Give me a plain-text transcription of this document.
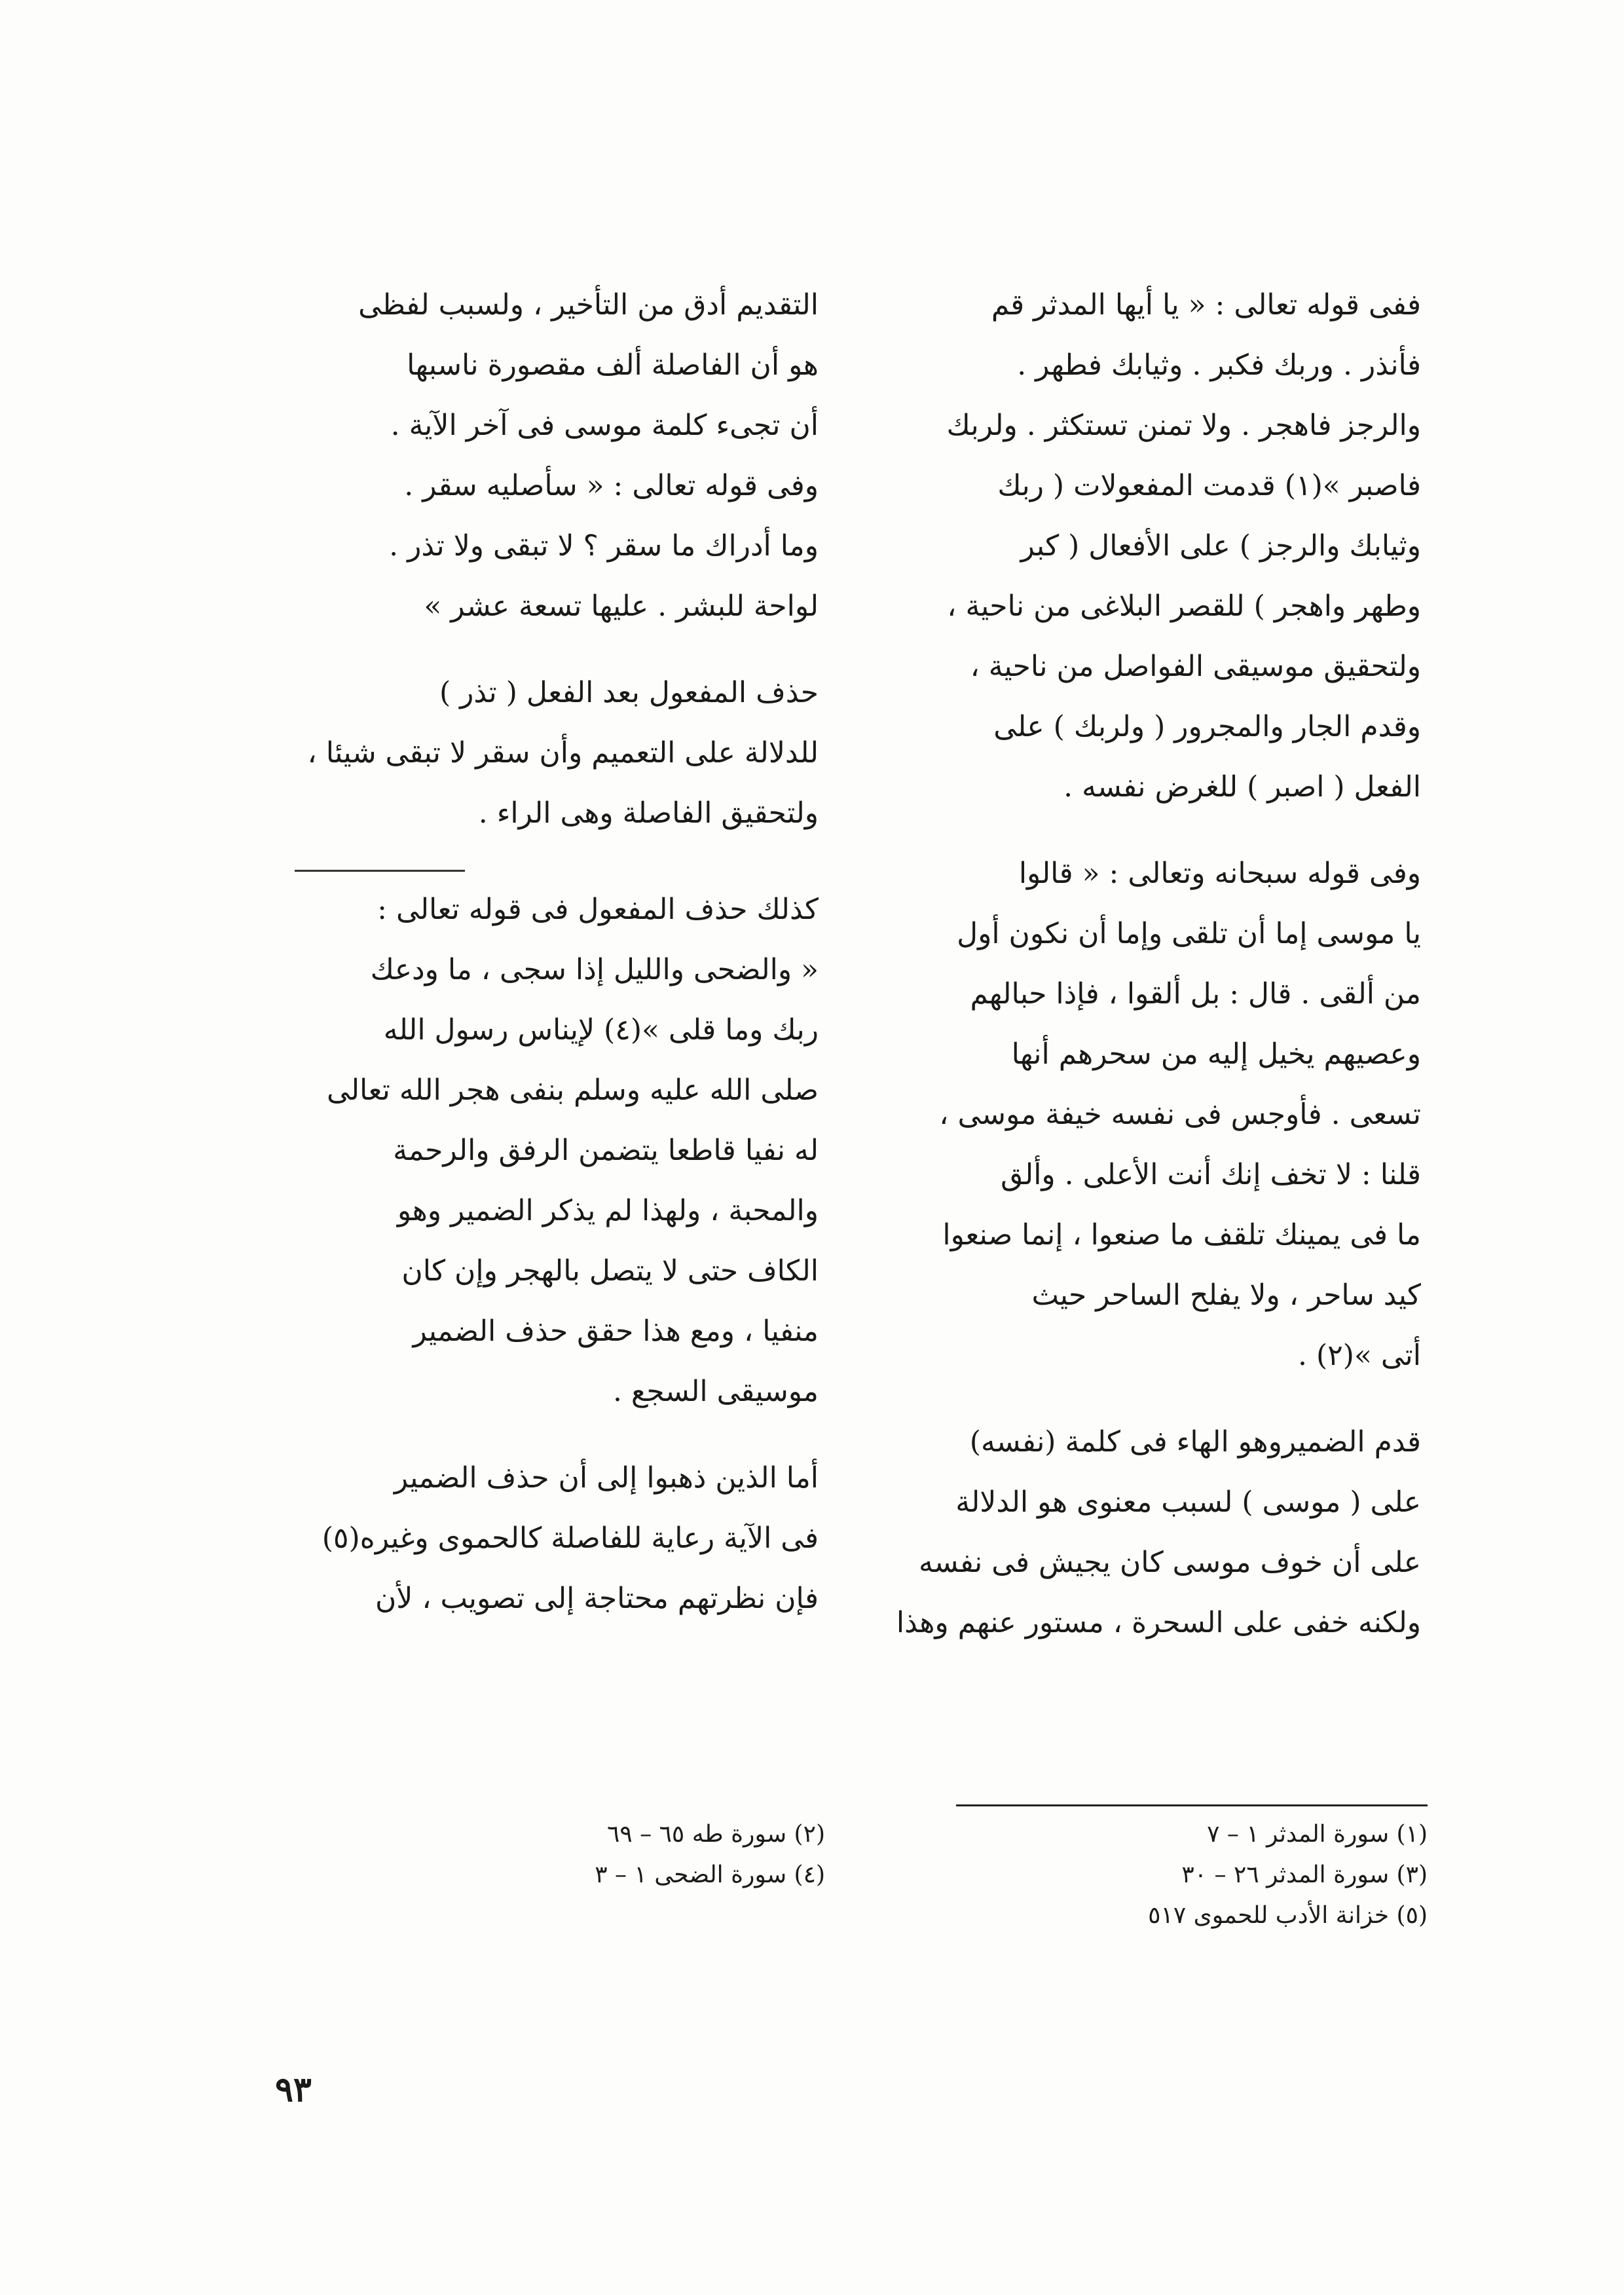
ففى قوله تعالى : « يا أيها المدثر قم

فأنذر . وربك فكبر . وثيابك فطهر .

والرجز فاهجر . ولا تمنن تستكثر . ولربك

فاصبر »(١) قدمت المفعولات ( ربك

وثيابك والرجز ) على الأفعال ( كبر

وطهر واهجر ) للقصر البلاغى من ناحية ،

ولتحقيق موسيقى الفواصل من ناحية ،

وقدم الجار والمجرور ( ولربك ) على

الفعل ( اصبر ) للغرض نفسه .

وفى قوله سبحانه وتعالى : « قالوا

يا موسى إما أن تلقى وإما أن نكون أول

من ألقى . قال : بل ألقوا ، فإذا حبالهم

وعصيهم يخيل إليه من سحرهم أنها

تسعى . فأوجس فى نفسه خيفة موسى ،

قلنا : لا تخف إنك أنت الأعلى . وألق

ما فى يمينك تلقف ما صنعوا ، إنما صنعوا

كيد ساحر ، ولا يفلح الساحر حيث

أتى »(٢) .

قدم الضميروهو الهاء فى كلمة (نفسه)

على ( موسى ) لسبب معنوى هو الدلالة

على أن خوف موسى كان يجيش فى نفسه

ولكنه خفى على السحرة ، مستور عنهم وهذا

التقديم أدق من التأخير ، ولسبب لفظى

هو أن الفاصلة ألف مقصورة ناسبها

أن تجىء كلمة موسى فى آخر الآية .

وفى قوله تعالى : « سأصليه سقر .

وما أدراك ما سقر ؟ لا تبقى ولا تذر .

لواحة للبشر . عليها تسعة عشر »

حذف المفعول بعد الفعل ( تذر )

للدلالة على التعميم وأن سقر لا تبقى شيئا ،

ولتحقيق الفاصلة وهى الراء .

كذلك حذف المفعول فى قوله تعالى :

« والضحى والليل إذا سجى ، ما ودعك

ربك وما قلى »(٤) لإيناس رسول الله

صلى الله عليه وسلم بنفى هجر الله تعالى

له نفيا قاطعا يتضمن الرفق والرحمة

والمحبة ، ولهذا لم يذكر الضمير وهو

الكاف حتى لا يتصل بالهجر وإن كان

منفيا ، ومع هذا حقق حذف الضمير

موسيقى السجع .

أما الذين ذهبوا إلى أن حذف الضمير

فى الآية رعاية للفاصلة كالحموى وغيره(٥)

فإن نظرتهم محتاجة إلى تصويب ، لأن

(١) سورة المدثر ١ – ٧
(٣) سورة المدثر ٢٦ – ٣٠
(٥) خزانة الأدب للحموى ٥١٧
(٢) سورة طه ٦٥ – ٦٩
(٤) سورة الضحى ١ – ٣
٩٣
